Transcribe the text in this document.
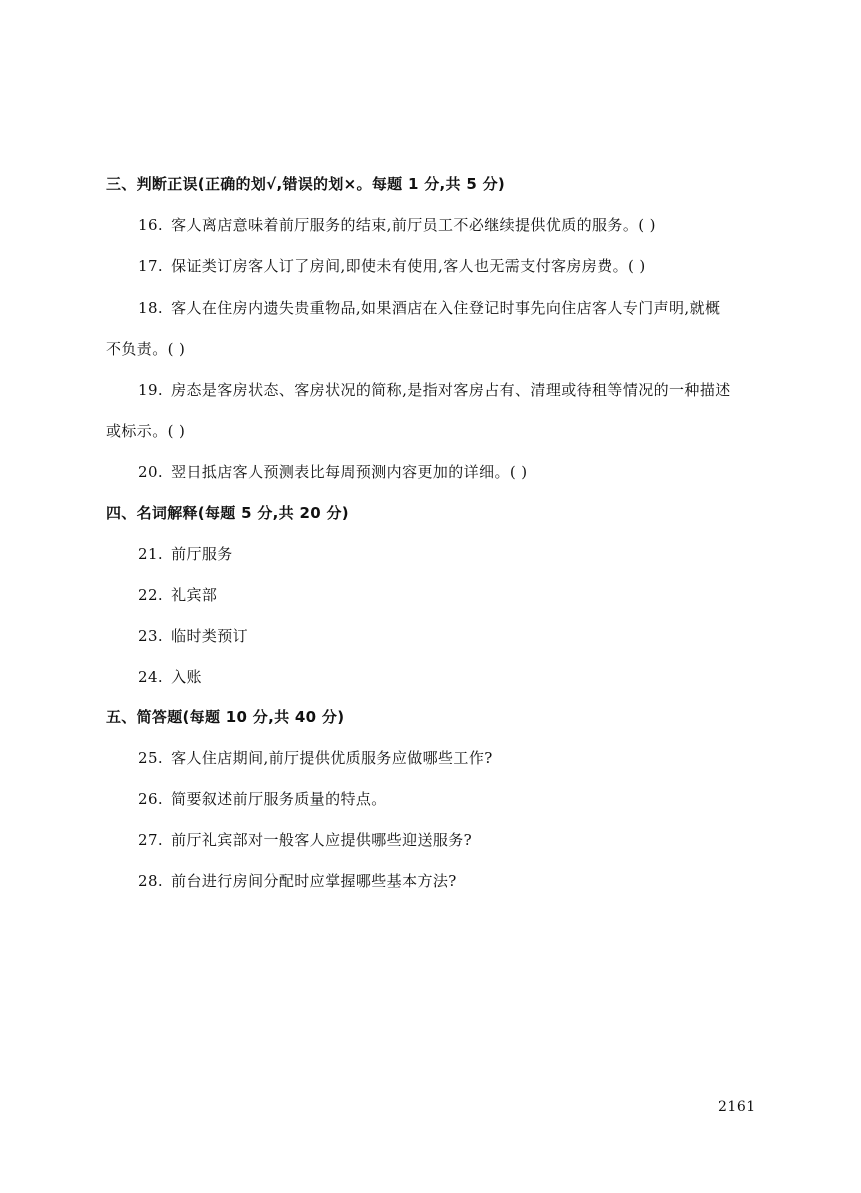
三、判断正误(正确的划√,错误的划×。每题 1 分,共 5 分)
16. 客人离店意味着前厅服务的结束,前厅员工不必继续提供优质的服务。( )
17. 保证类订房客人订了房间,即使未有使用,客人也无需支付客房房费。( )
18. 客人在住房内遗失贵重物品,如果酒店在入住登记时事先向住店客人专门声明,就概
不负责。( )
19. 房态是客房状态、客房状况的简称,是指对客房占有、清理或待租等情况的一种描述
或标示。( )
20. 翌日抵店客人预测表比每周预测内容更加的详细。( )
四、名词解释(每题 5 分,共 20 分)
21. 前厅服务
22. 礼宾部
23. 临时类预订
24. 入账
五、简答题(每题 10 分,共 40 分)
25. 客人住店期间,前厅提供优质服务应做哪些工作?
26. 简要叙述前厅服务质量的特点。
27. 前厅礼宾部对一般客人应提供哪些迎送服务?
28. 前台进行房间分配时应掌握哪些基本方法?
2161
